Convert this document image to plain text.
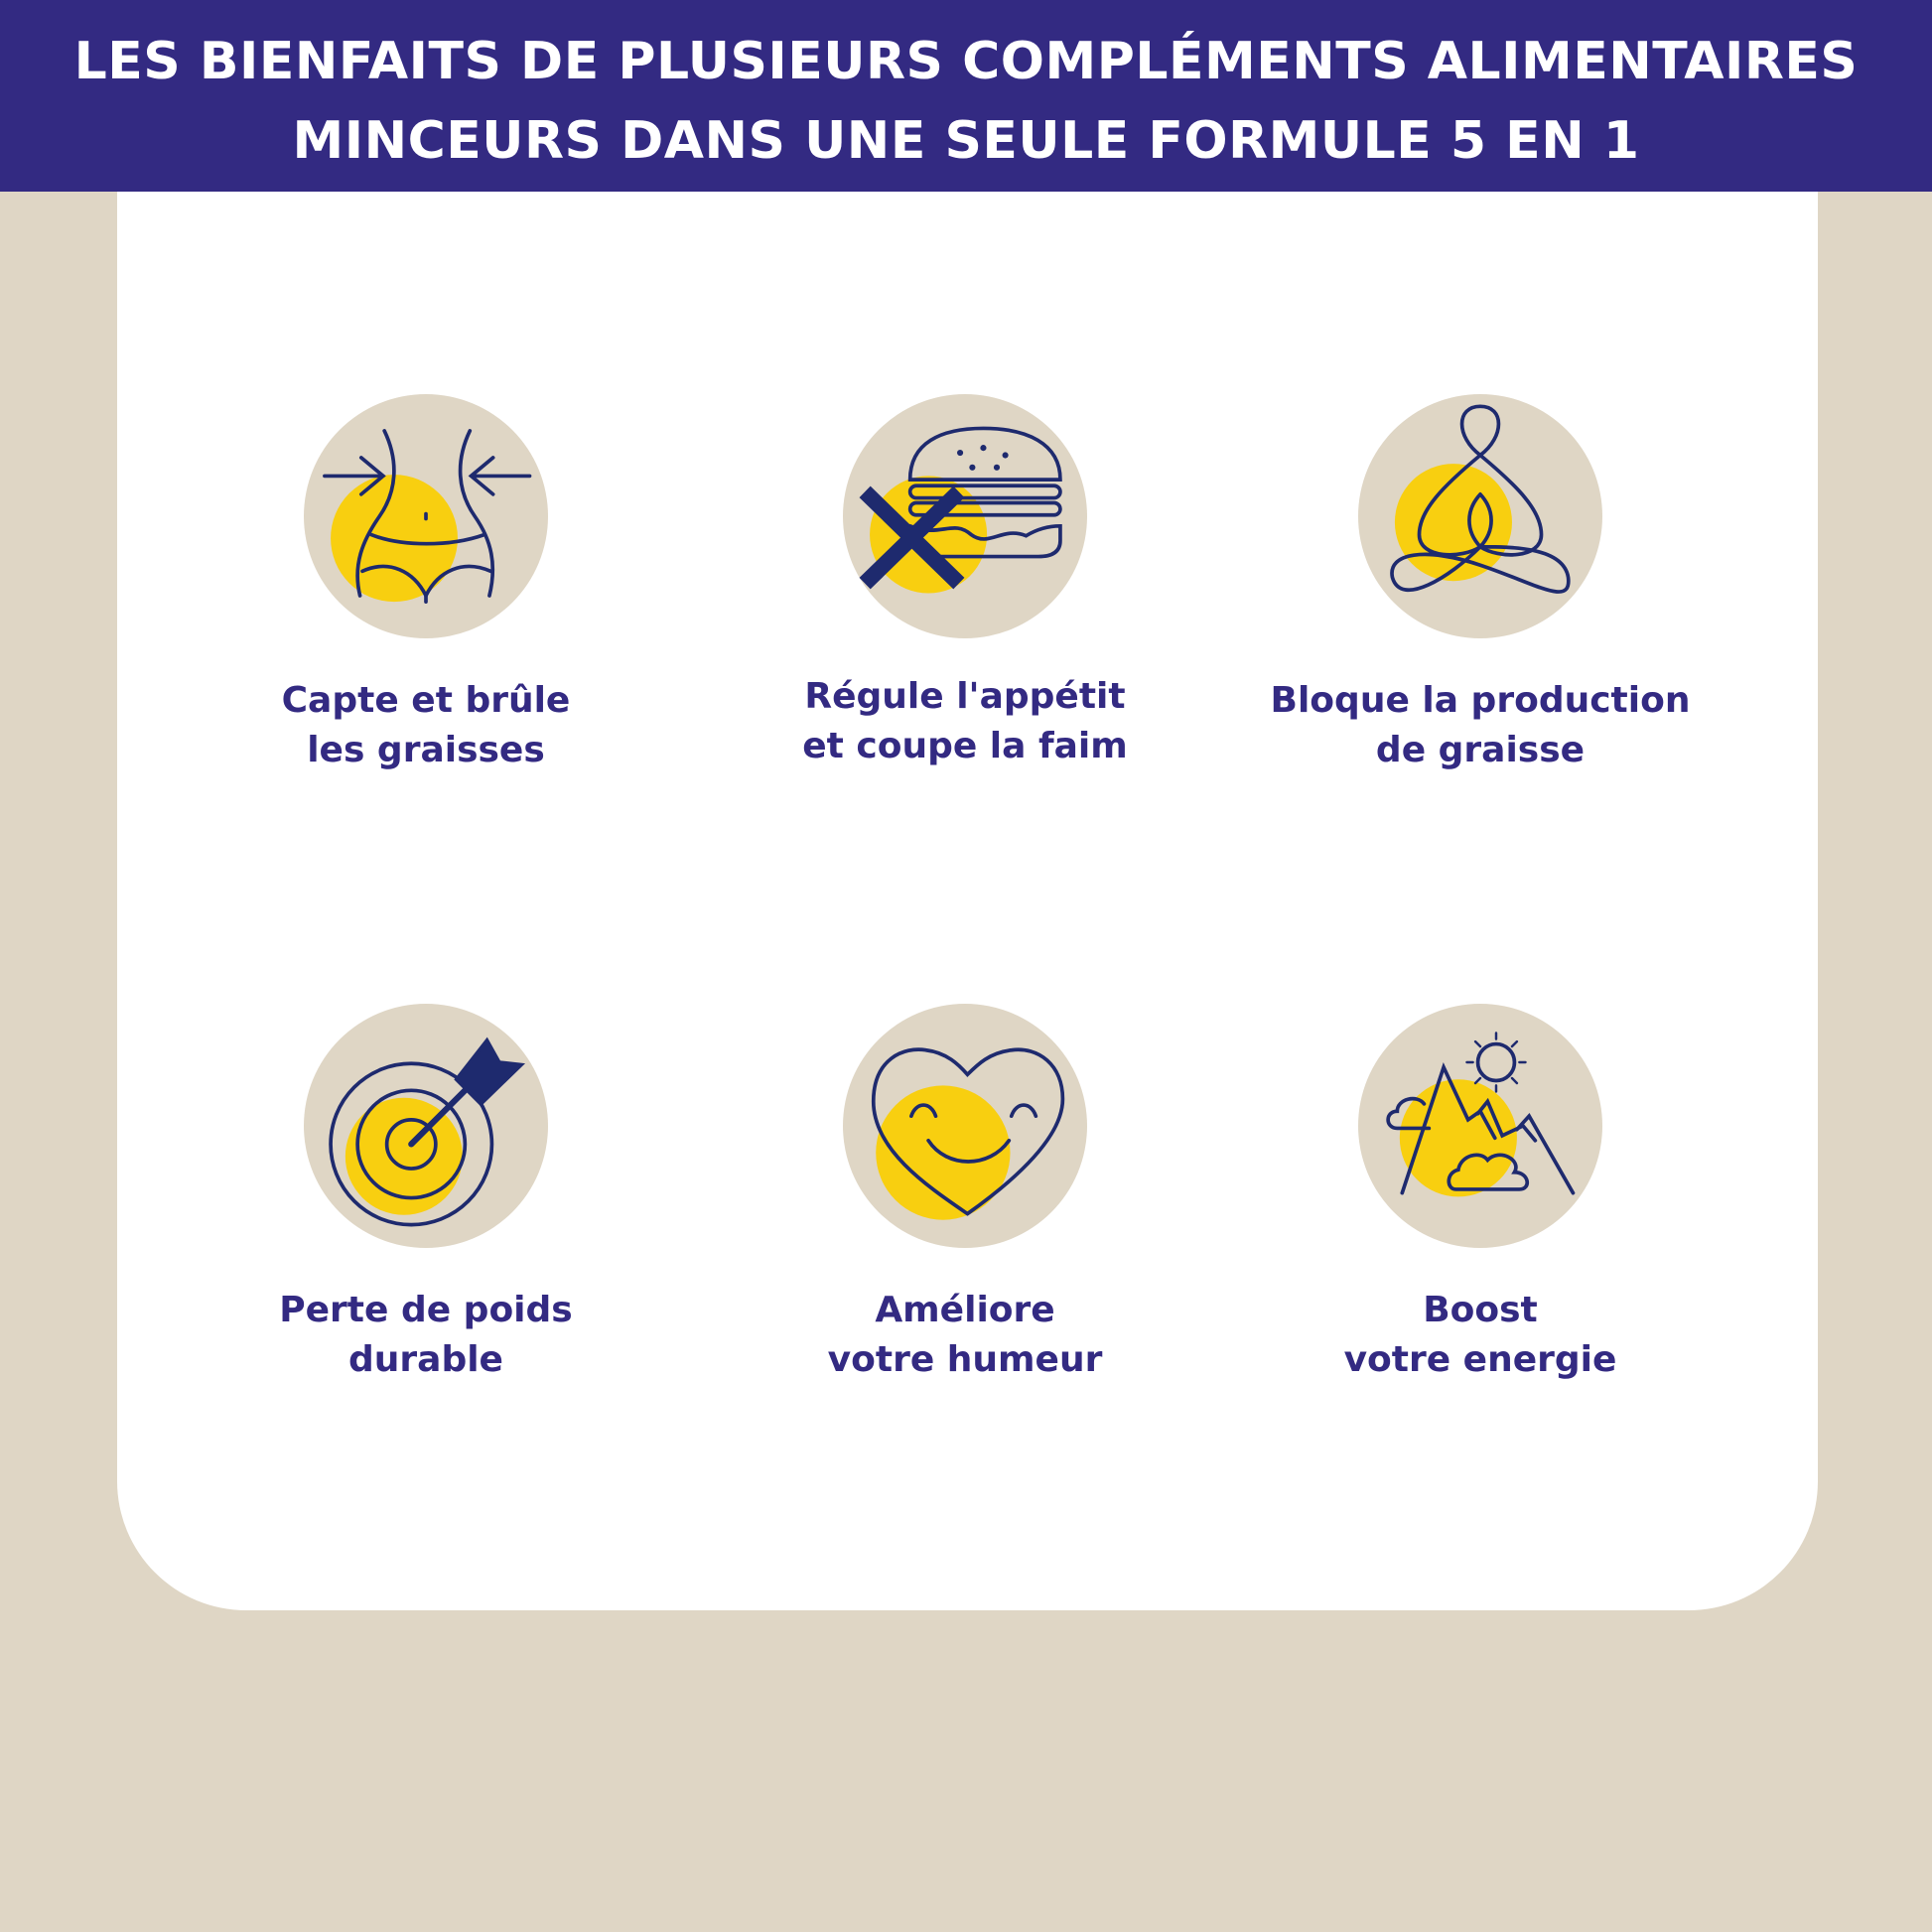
LES BIENFAITS DE PLUSIEURS COMPLÉMENTS ALIMENTAIRES
MINCEURS DANS UNE SEULE FORMULE 5 EN 1
Capte et brûle
les graisses
Régule l'appétit
et coupe la faim
Bloque la production
de graisse
Perte de poids
durable
Améliore
votre humeur
Boost
votre energie
